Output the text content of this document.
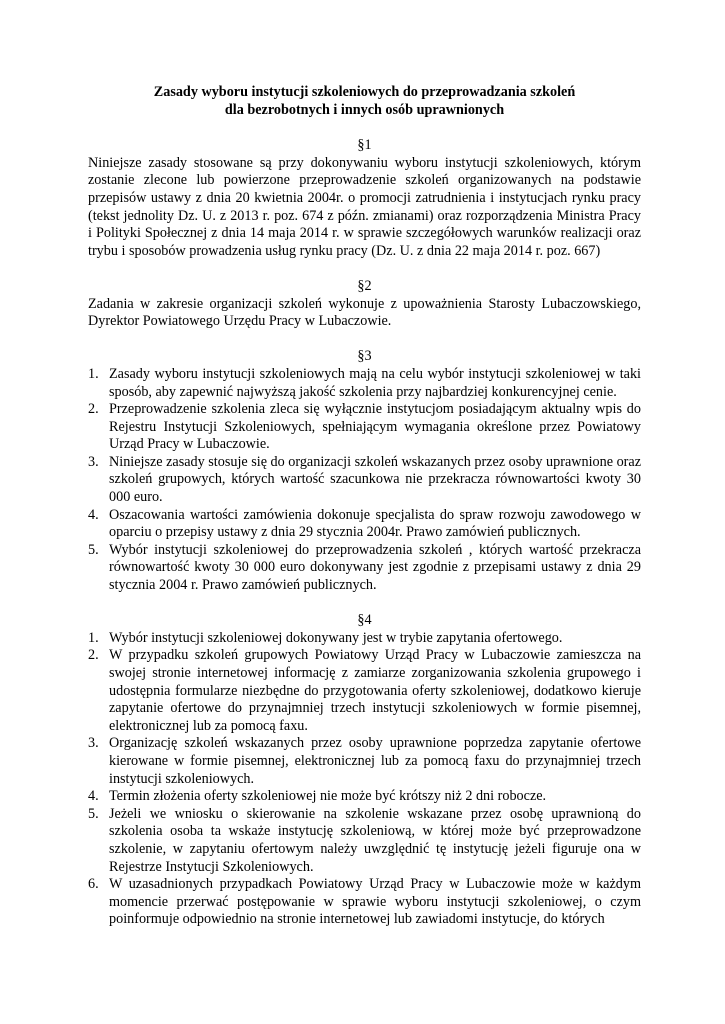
Zasady wyboru instytucji szkoleniowych do przeprowadzania szkoleń
dla bezrobotnych i innych osób uprawnionych

§1

Niniejsze zasady stosowane są przy dokonywaniu wyboru instytucji szkoleniowych, którym zostanie zlecone lub powierzone przeprowadzenie szkoleń organizowanych na podstawie przepisów ustawy z dnia 20 kwietnia 2004r. o promocji zatrudnienia i instytucjach rynku pracy (tekst jednolity Dz. U. z 2013 r. poz. 674 z późn. zmianami) oraz rozporządzenia Ministra Pracy i Polityki Społecznej z dnia 14 maja 2014 r. w sprawie szczegółowych warunków realizacji oraz trybu i sposobów prowadzenia usług rynku pracy (Dz. U. z dnia 22 maja 2014 r. poz. 667)

§2

Zadania w zakresie organizacji szkoleń wykonuje z upoważnienia Starosty Lubaczowskiego, Dyrektor Powiatowego Urzędu Pracy w Lubaczowie.

§3

1. Zasady wyboru instytucji szkoleniowych mają na celu wybór instytucji szkoleniowej w taki sposób, aby zapewnić najwyższą jakość szkolenia przy najbardziej konkurencyjnej cenie.
2. Przeprowadzenie szkolenia zleca się wyłącznie instytucjom posiadającym aktualny wpis do Rejestru Instytucji Szkoleniowych, spełniającym wymagania określone przez Powiatowy Urząd Pracy w Lubaczowie.
3. Niniejsze zasady stosuje się do organizacji szkoleń wskazanych przez osoby uprawnione oraz szkoleń grupowych, których wartość szacunkowa nie przekracza równowartości kwoty 30 000 euro.
4. Oszacowania wartości zamówienia dokonuje specjalista do spraw rozwoju zawodowego w oparciu o przepisy ustawy z dnia 29 stycznia 2004r. Prawo zamówień publicznych.
5. Wybór instytucji szkoleniowej do przeprowadzenia szkoleń , których wartość przekracza równowartość kwoty 30 000 euro dokonywany jest zgodnie z przepisami ustawy z dnia 29 stycznia 2004 r. Prawo zamówień publicznych.

§4

1. Wybór instytucji szkoleniowej dokonywany jest w trybie zapytania ofertowego.
2. W przypadku szkoleń grupowych Powiatowy Urząd Pracy w Lubaczowie zamieszcza na swojej stronie internetowej informację z zamiarze zorganizowania szkolenia grupowego i udostępnia formularze niezbędne do przygotowania oferty szkoleniowej, dodatkowo kieruje zapytanie ofertowe do przynajmniej trzech instytucji szkoleniowych w formie pisemnej, elektronicznej lub za pomocą faxu.
3. Organizację szkoleń wskazanych przez osoby uprawnione poprzedza zapytanie ofertowe kierowane w formie pisemnej, elektronicznej lub za pomocą faxu do przynajmniej trzech instytucji szkoleniowych.
4. Termin złożenia oferty szkoleniowej nie może być krótszy niż 2 dni robocze.
5. Jeżeli we wniosku o skierowanie na szkolenie wskazane przez osobę uprawnioną do szkolenia osoba ta wskaże instytucję szkoleniową, w której może być przeprowadzone szkolenie, w zapytaniu ofertowym należy uwzględnić tę instytucję jeżeli figuruje ona w Rejestrze Instytucji Szkoleniowych.
6. W uzasadnionych przypadkach Powiatowy Urząd Pracy w Lubaczowie może w każdym momencie przerwać postępowanie w sprawie wyboru instytucji szkoleniowej, o czym poinformuje odpowiednio na stronie internetowej lub zawiadomi instytucje, do których
